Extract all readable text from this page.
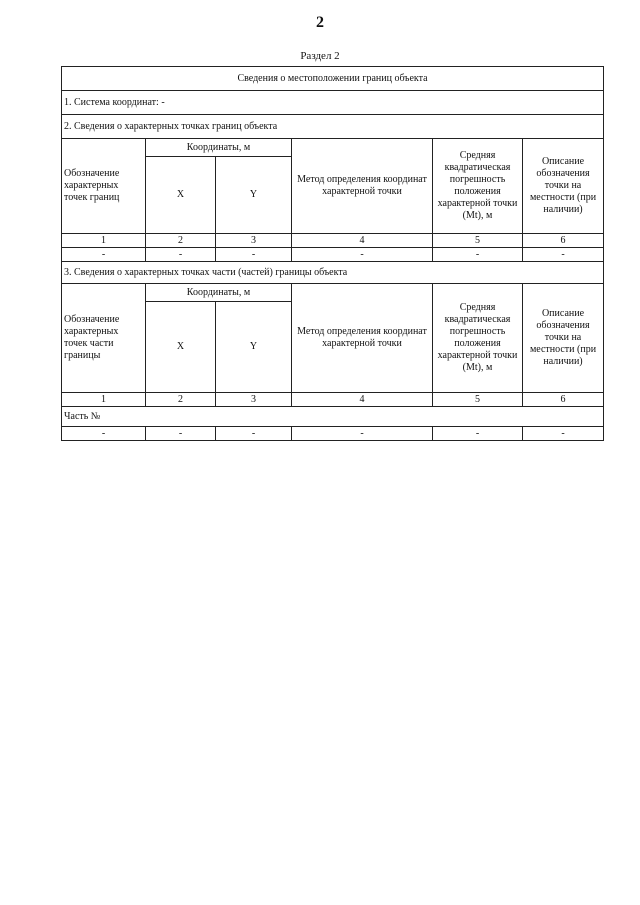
2
Раздел 2
Сведения о местоположении границ объекта					
1. Система координат: -					
2. Сведения о характерных точках границ объекта					
Обозначение характерных точек границ	Координаты, м		Метод определения координат характерной точки	Средняя квадратическая погрешность положения характерной точки (Mt), м	Описание обозначения точки на местности (при наличии)
	X	Y			
1	2	3	4	5	6
-	-	-	-	-	-
3. Сведения о характерных точках части (частей) границы объекта					
Обозначение характерных точек части границы	Координаты, м		Метод определения координат характерной точки	Средняя квадратическая погрешность положения характерной точки (Mt), м	Описание обозначения точки на местности (при наличии)
	X	Y			
1	2	3	4	5	6
Часть №					
-	-	-	-	-	-
